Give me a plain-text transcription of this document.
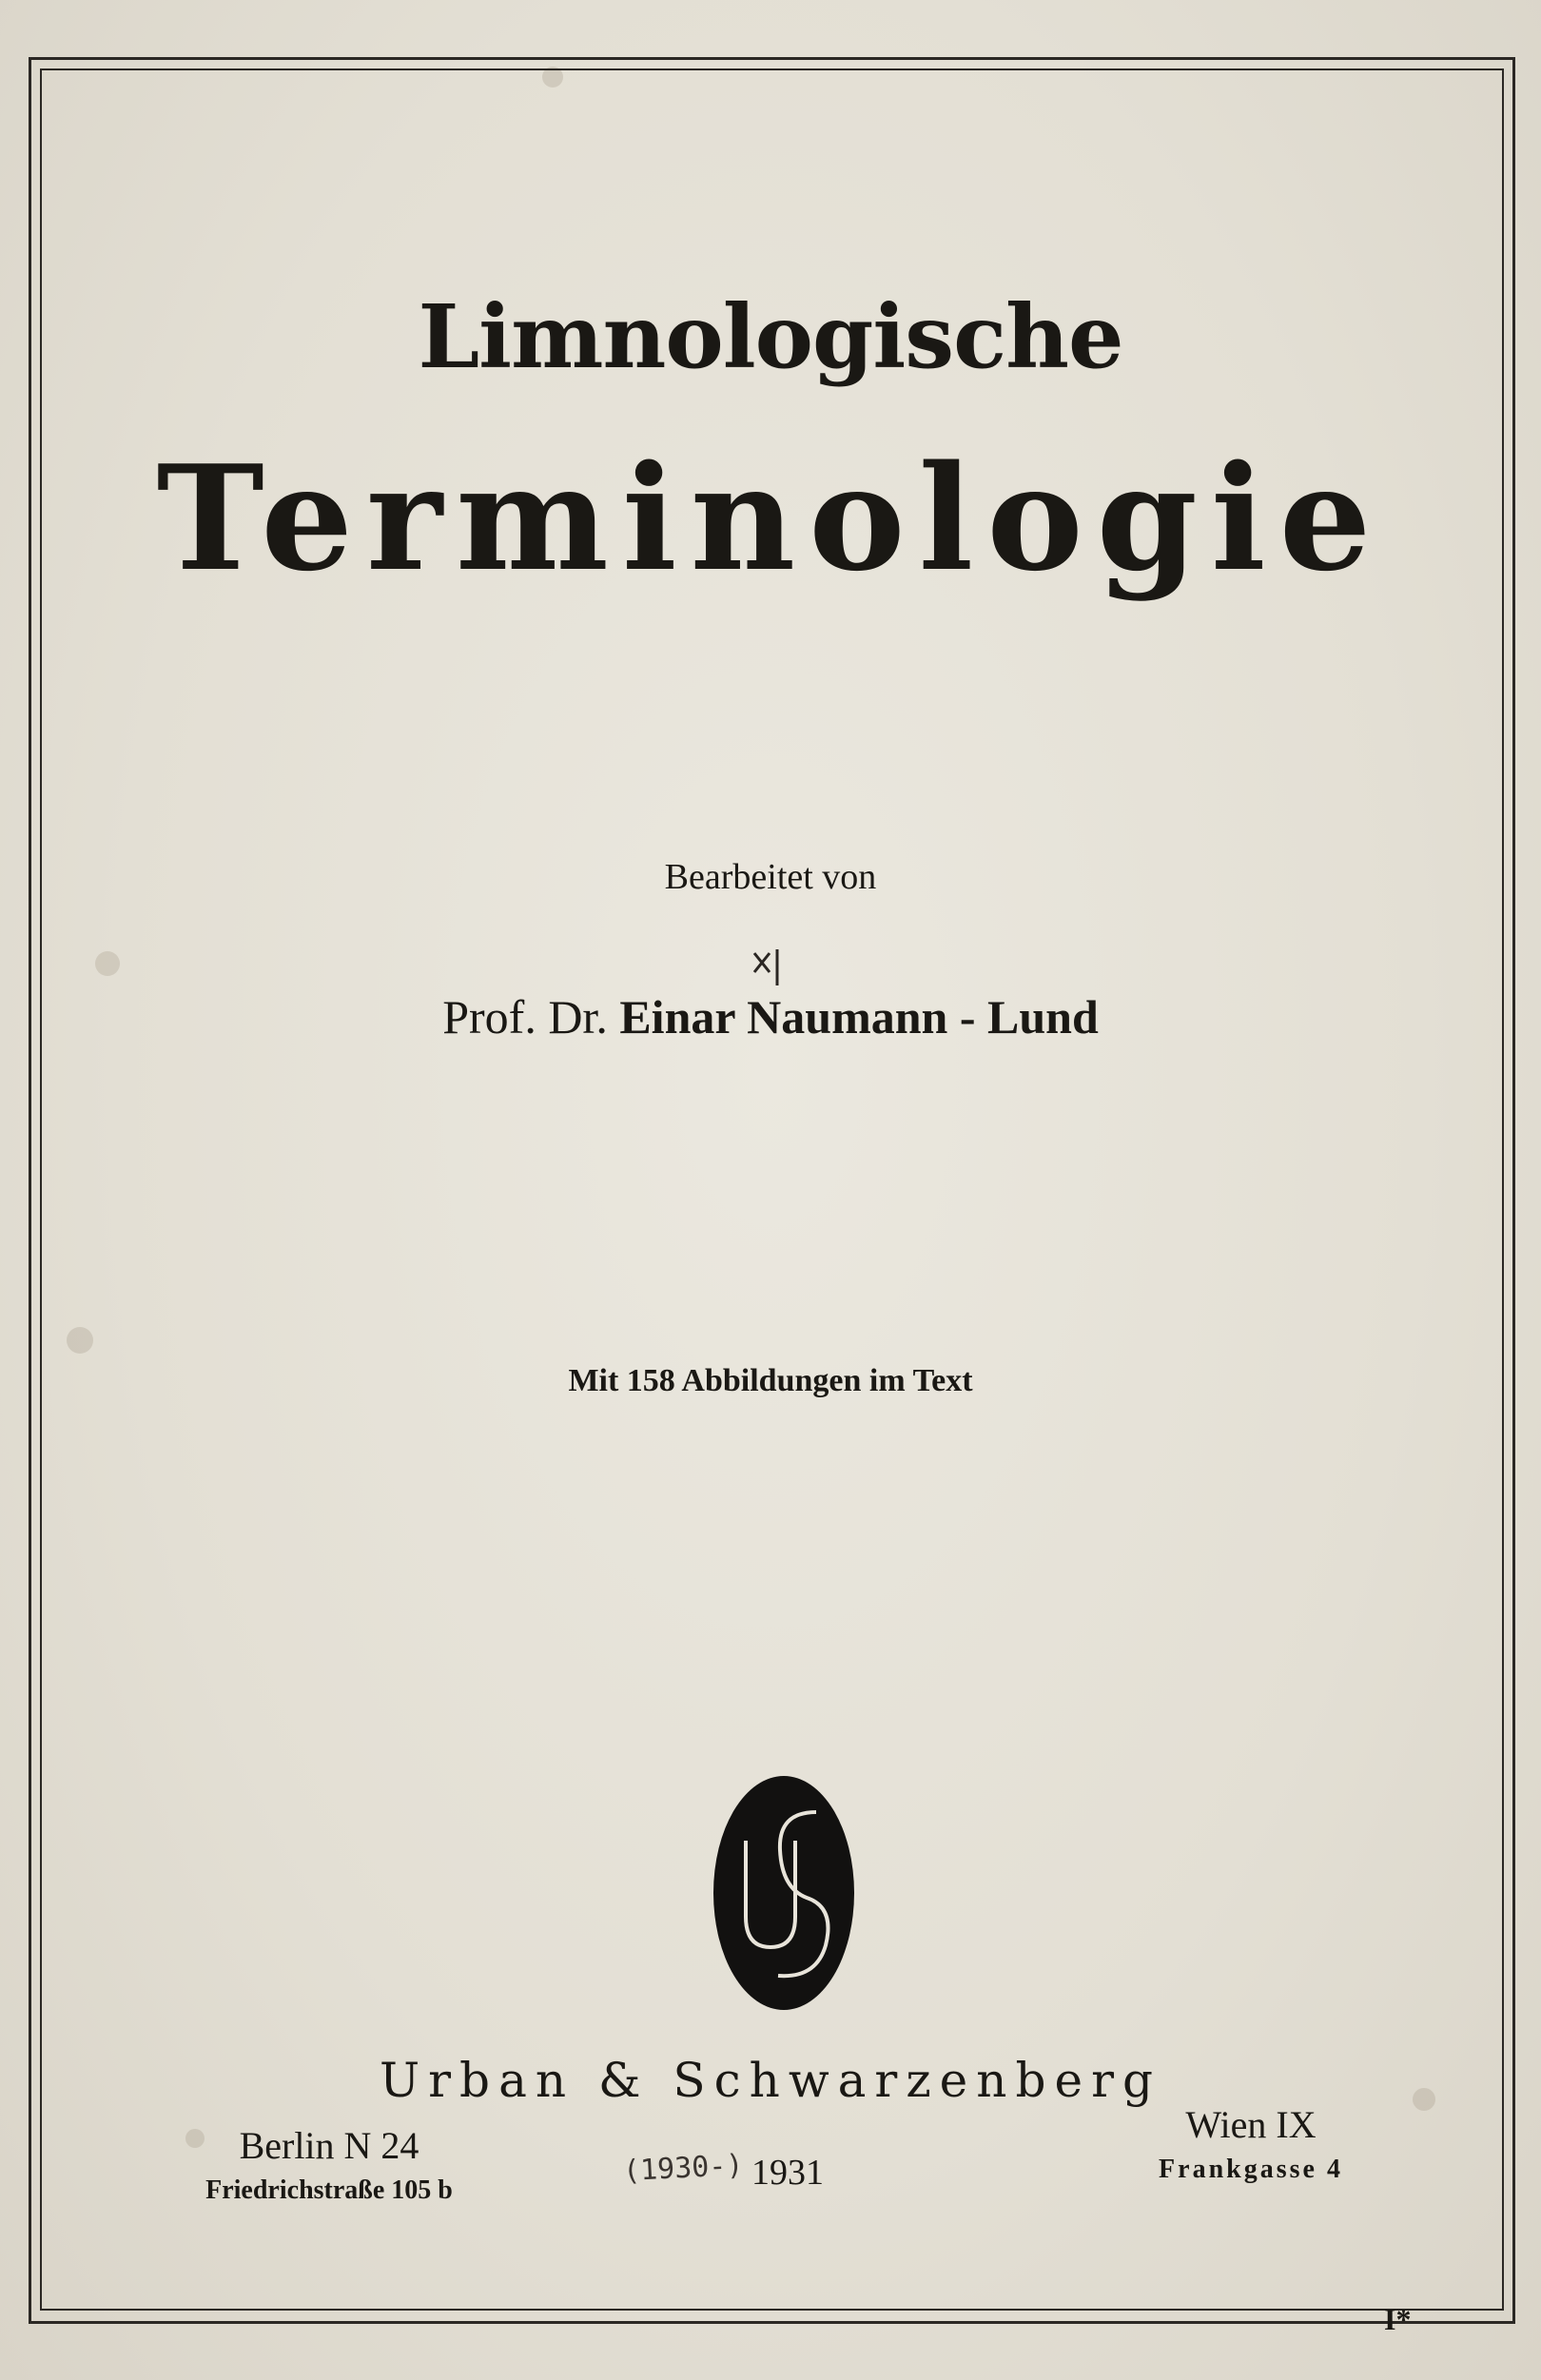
Limnologische
Terminologie
Bearbeitet von
Prof. Dr. Einar Naumann - Lund
Mit 158 Abbildungen im Text
Urban & Schwarzenberg
Berlin N 24
Friedrichstraße 105 b
(1930-) 1931
Wien IX
Frankgasse 4
I*
